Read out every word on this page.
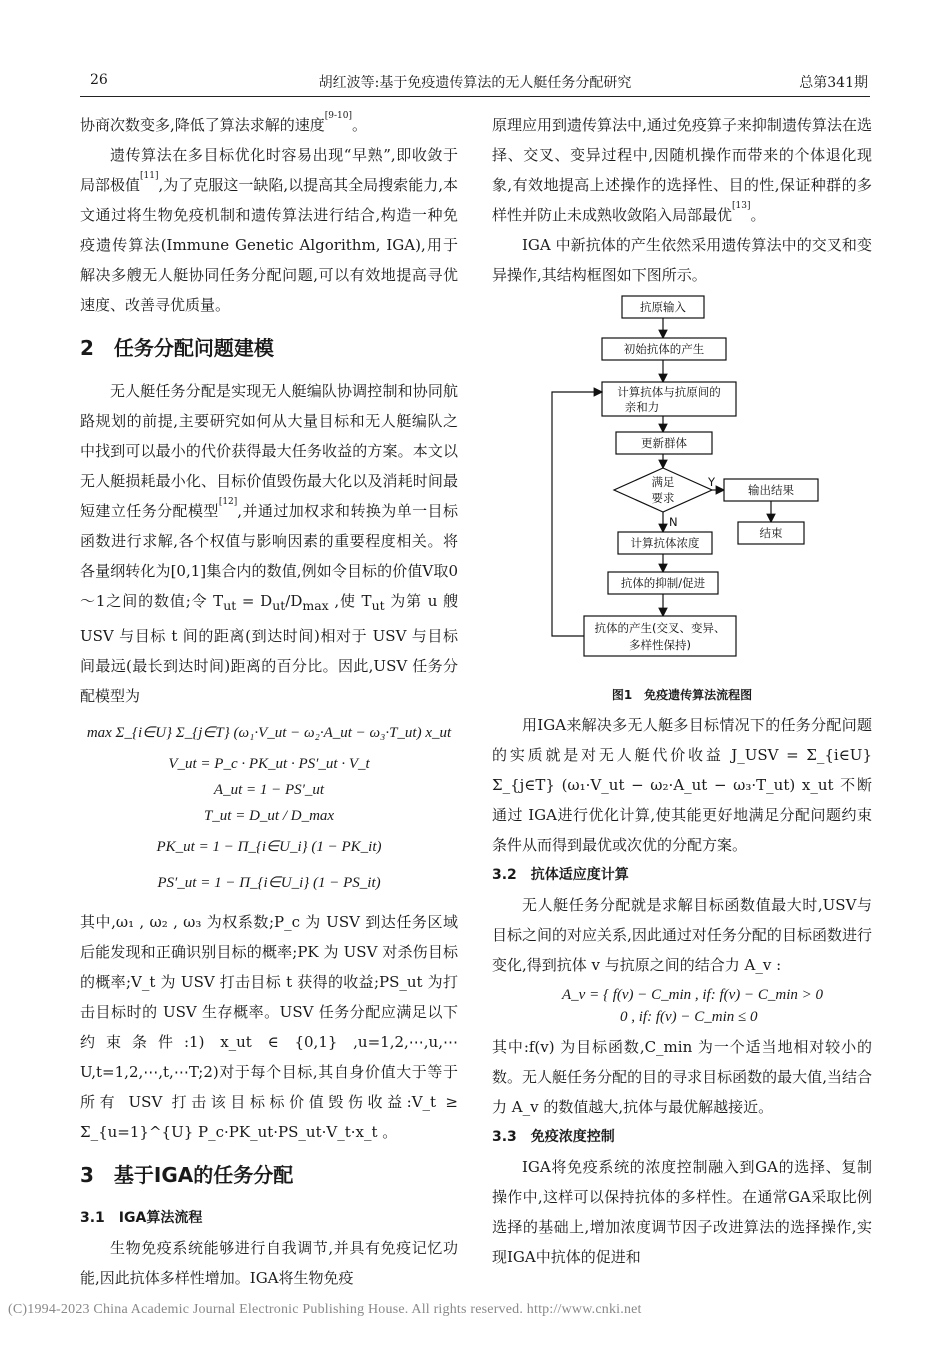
26	胡红波等:基于免疫遗传算法的无人艇任务分配研究	总第341期

协商次数变多,降低了算法求解的速度[9-10]。

遗传算法在多目标优化时容易出现“早熟”,即收敛于局部极值[11],为了克服这一缺陷,以提高其全局搜索能力,本文通过将生物免疫机制和遗传算法进行结合,构造一种免疫遗传算法(Immune Genetic Algorithm, IGA),用于解决多艘无人艇协同任务分配问题,可以有效地提高寻优速度、改善寻优质量。

2　任务分配问题建模

无人艇任务分配是实现无人艇编队协调控制和协同航路规划的前提,主要研究如何从大量目标和无人艇编队之中找到可以最小的代价获得最大任务收益的方案。本文以无人艇损耗最小化、目标价值毁伤最大化以及消耗时间最短建立任务分配模型[12],并通过加权求和转换为单一目标函数进行求解,各个权值与影响因素的重要程度相关。将各量纲转化为[0,1]集合内的数值,例如令目标的价值V取0～1之间的数值;令 $T_{ut} = D_{ut}/D_{max}$ ,使 $T_{ut}$ 为第 u 艘 USV 与目标 t 间的距离(到达时间)相对于 USV 与目标间最远(最长到达时间)距离的百分比。因此,USV 任务分配模型为

max Σ_{i∈U} Σ_{j∈T} (ω₁·V_ut − ω₂·A_ut − ω₃·T_ut) x_ut
V_ut = P_c · PK_ut · PS′_ut · V_t
A_ut = 1 − PS′_ut
T_ut = D_ut / D_max
PK_ut = 1 − Π_{i∈U_i} (1 − PK_it)
PS′_ut = 1 − Π_{i∈U_i} (1 − PS_it)

其中,ω₁ , ω₂ , ω₃ 为权系数;P_c 为 USV 到达任务区域后能发现和正确识别目标的概率;PK 为 USV 对杀伤目标的概率;V_t 为 USV 打击目标 t 获得的收益;PS_ut 为打击目标时的 USV 生存概率。USV 任务分配应满足以下约束条件:1) x_ut ∈ {0,1} ,u=1,2,⋯,u,⋯U,t=1,2,⋯,t,⋯T;2)对于每个目标,其自身价值大于等于所有 USV 打击该目标标价值毁伤收益:V_t ≥ Σ_{u=1}^{U} P_c·PK_ut·PS_ut·V_t·x_t 。

3　基于IGA的任务分配
3.1　IGA算法流程

生物免疫系统能够进行自我调节,并具有免疫记忆功能,因此抗体多样性增加。IGA将生物免疫

原理应用到遗传算法中,通过免疫算子来抑制遗传算法在选择、交叉、变异过程中,因随机操作而带来的个体退化现象,有效地提高上述操作的选择性、目的性,保证种群的多样性并防止未成熟收敛陷入局部最优[13]。

IGA 中新抗体的产生依然采用遗传算法中的交叉和变异操作,其结构框图如下图所示。

抗原输入
初始抗体的产生
计算抗体与抗原间的
亲和力
更新群体
满足
要求
Y
输出结果
结束
N
计算抗体浓度
抗体的抑制/促进
抗体的产生(交叉、变异、
多样性保持)
图1　免疫遗传算法流程图

用IGA来解决多无人艇多目标情况下的任务分配问题的实质就是对无人艇代价收益 J_USV = Σ_{i∈U} Σ_{j∈T} (ω₁·V_ut − ω₂·A_ut − ω₃·T_ut) x_ut 不断通过 IGA进行优化计算,使其能更好地满足分配问题约束条件从而得到最优或次优的分配方案。

3.2　抗体适应度计算

无人艇任务分配就是求解目标函数值最大时,USV与目标之间的对应关系,因此通过对任务分配的目标函数进行变化,得到抗体 v 与抗原之间的结合力 A_v :

A_v = { f(v) − C_min , if: f(v) − C_min > 0
0 , if: f(v) − C_min ≤ 0

其中:f(v) 为目标函数,C_min 为一个适当地相对较小的数。无人艇任务分配的目的寻求目标函数的最大值,当结合力 A_v 的数值越大,抗体与最优解越接近。

3.3　免疫浓度控制

IGA将免疫系统的浓度控制融入到GA的选择、复制操作中,这样可以保持抗体的多样性。在通常GA采取比例选择的基础上,增加浓度调节因子改进算法的选择操作,实现IGA中抗体的促进和

(C)1994-2023 China Academic Journal Electronic Publishing House. All rights reserved. http://www.cnki.net
